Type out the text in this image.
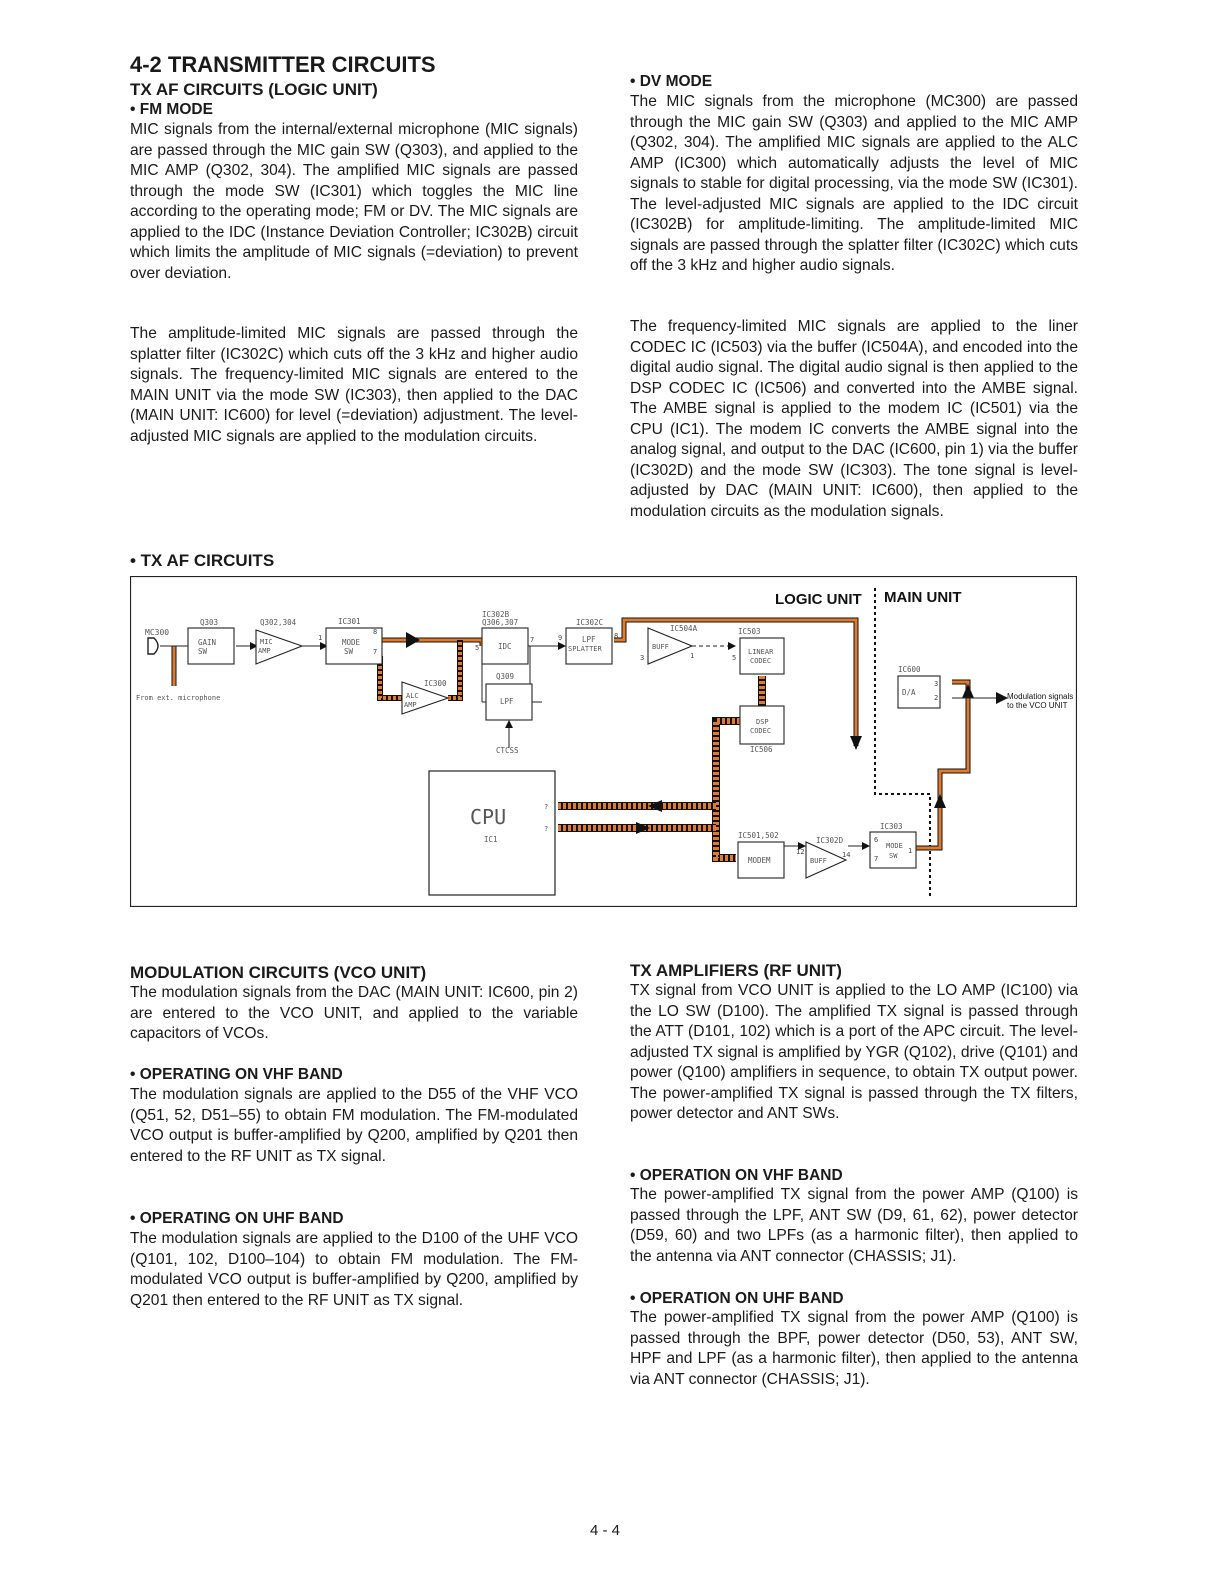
4-2 TRANSMITTER CIRCUITS
TX AF CIRCUITS (LOGIC UNIT)
• FM MODE

MIC signals from the internal/external microphone (MIC signals) are passed through the MIC gain SW (Q303), and applied to the MIC AMP (Q302, 304). The amplified MIC signals are passed through the mode SW (IC301) which toggles the MIC line according to the operating mode; FM or DV. The MIC signals are applied to the IDC (Instance Deviation Controller; IC302B) circuit which limits the amplitude of MIC signals (=deviation) to prevent over deviation.

The amplitude-limited MIC signals are passed through the splatter filter (IC302C) which cuts off the 3 kHz and higher audio signals. The frequency-limited MIC signals are entered to the MAIN UNIT via the mode SW (IC303), then applied to the DAC (MAIN UNIT: IC600) for level (=deviation) adjustment. The level-adjusted MIC signals are applied to the modulation circuits.

• DV MODE

The MIC signals from the microphone (MC300) are passed through the MIC gain SW (Q303) and applied to the MIC AMP (Q302, 304). The amplified MIC signals are applied to the ALC AMP (IC300) which automatically adjusts the level of MIC signals to stable for digital processing, via the mode SW (IC301). The level-adjusted MIC signals are applied to the IDC circuit (IC302B) for amplitude-limiting. The amplitude-limited MIC signals are passed through the splatter filter (IC302C) which cuts off the 3 kHz and higher audio signals.

The frequency-limited MIC signals are applied to the liner CODEC IC (IC503) via the buffer (IC504A), and encoded into the digital audio signal. The digital audio signal is then applied to the DSP CODEC IC (IC506) and converted into the AMBE signal. The AMBE signal is applied to the modem IC (IC501) via the CPU (IC1). The modem IC converts the AMBE signal into the analog signal, and output to the DAC (IC600, pin 1) via the buffer (IC302D) and the mode SW (IC303). The tone signal is level-adjusted by DAC (MAIN UNIT: IC600), then applied to the modulation circuits as the modulation signals.

• TX AF CIRCUITS
LOGIC UNIT MAIN UNIT
MC300
From ext. microphone
Q303
GAIN
SW
Q302,304
MIC
AMP
IC301
MODE
SW
1
8
7
IC300
ALC
AMP
IC302B
Q306,307
IDC
5
7
Q309
LPF
CTCSS
IC302C
LPF
SPLATTER
9	8
IC504A
BUFF
3	1
IC503
LINEAR
CODEC
5
DSP
CODEC
IC506
IC600
D/A
3
2	Modulation signals
to the VCO UNIT
CPU
IC1
?
?
IC501,502
MODEM
IC302D
BUFF
12	14
IC303
MODE
SW
6
7
1
MODULATION CIRCUITS (VCO UNIT)

The modulation signals from the DAC (MAIN UNIT: IC600, pin 2) are entered to the VCO UNIT, and applied to the variable capacitors of VCOs.

• OPERATING ON VHF BAND

The modulation signals are applied to the D55 of the VHF VCO (Q51, 52, D51–55) to obtain FM modulation. The FM-modulated VCO output is buffer-amplified by Q200, amplified by Q201 then entered to the RF UNIT as TX signal.

• OPERATING ON UHF BAND

The modulation signals are applied to the D100 of the UHF VCO (Q101, 102, D100–104) to obtain FM modulation. The FM-modulated VCO output is buffer-amplified by Q200, amplified by Q201 then entered to the RF UNIT as TX signal.

TX AMPLIFIERS (RF UNIT)

TX signal from VCO UNIT is applied to the LO AMP (IC100) via the LO SW (D100). The amplified TX signal is passed through the ATT (D101, 102) which is a port of the APC circuit. The level-adjusted TX signal is amplified by YGR (Q102), drive (Q101) and power (Q100) amplifiers in sequence, to obtain TX output power. The power-amplified TX signal is passed through the TX filters, power detector and ANT SWs.

• OPERATION ON VHF BAND

The power-amplified TX signal from the power AMP (Q100) is passed through the LPF, ANT SW (D9, 61, 62), power detector (D59, 60) and two LPFs (as a harmonic filter), then applied to the antenna via ANT connector (CHASSIS; J1).

• OPERATION ON UHF BAND

The power-amplified TX signal from the power AMP (Q100) is passed through the BPF, power detector (D50, 53), ANT SW, HPF and LPF (as a harmonic filter), then applied to the antenna via ANT connector (CHASSIS; J1).

4 - 4
